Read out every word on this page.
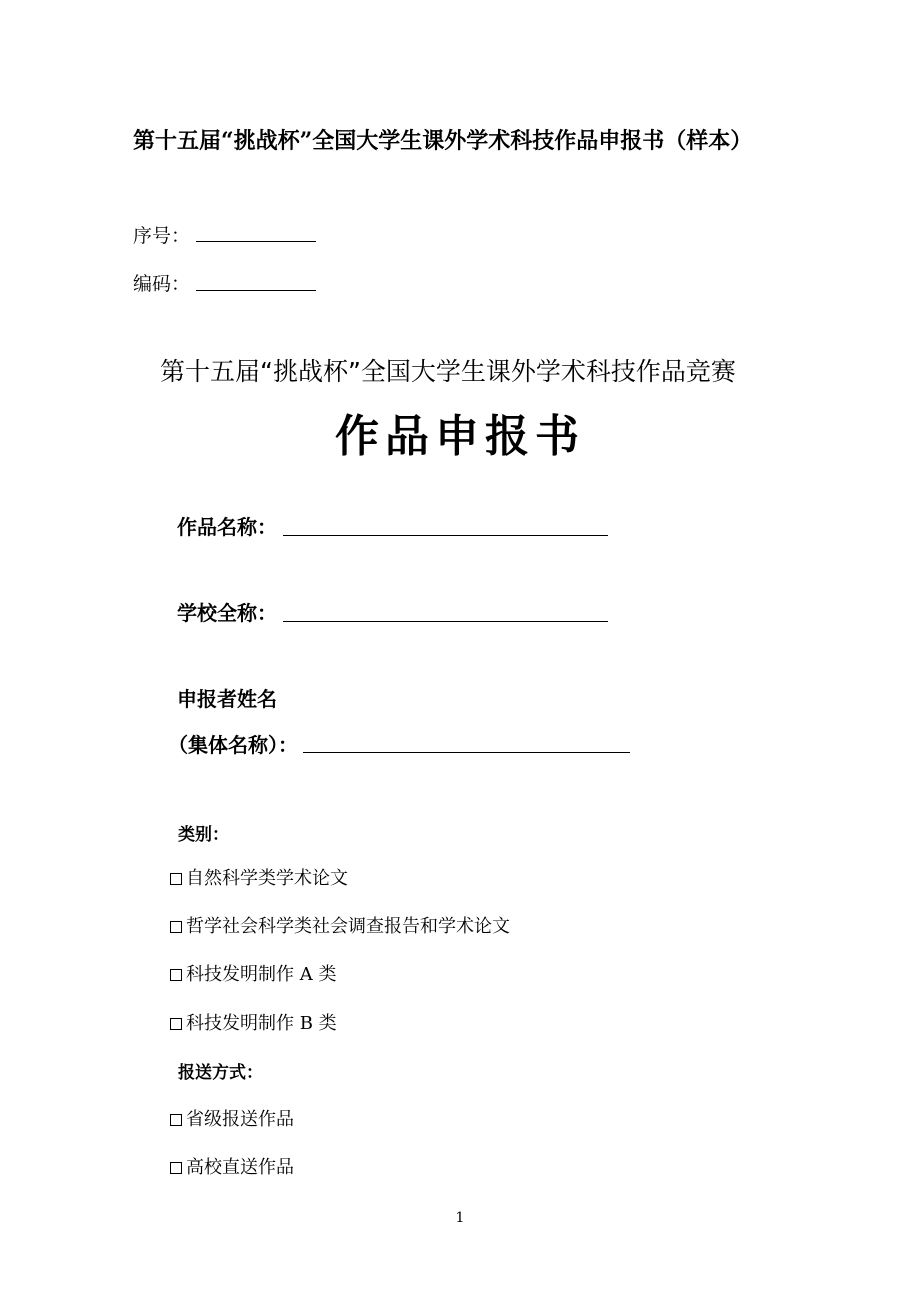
第十五届“挑战杯”全国大学生课外学术科技作品申报书（样本）
序号：
编码：
第十五届“挑战杯”全国大学生课外学术科技作品竞赛
作品申报书
作品名称：
学校全称：
申报者姓名
（集体名称）：
类别：
自然科学类学术论文
哲学社会科学类社会调查报告和学术论文
科技发明制作 A 类
科技发明制作 B 类
报送方式：
省级报送作品
高校直送作品
1
